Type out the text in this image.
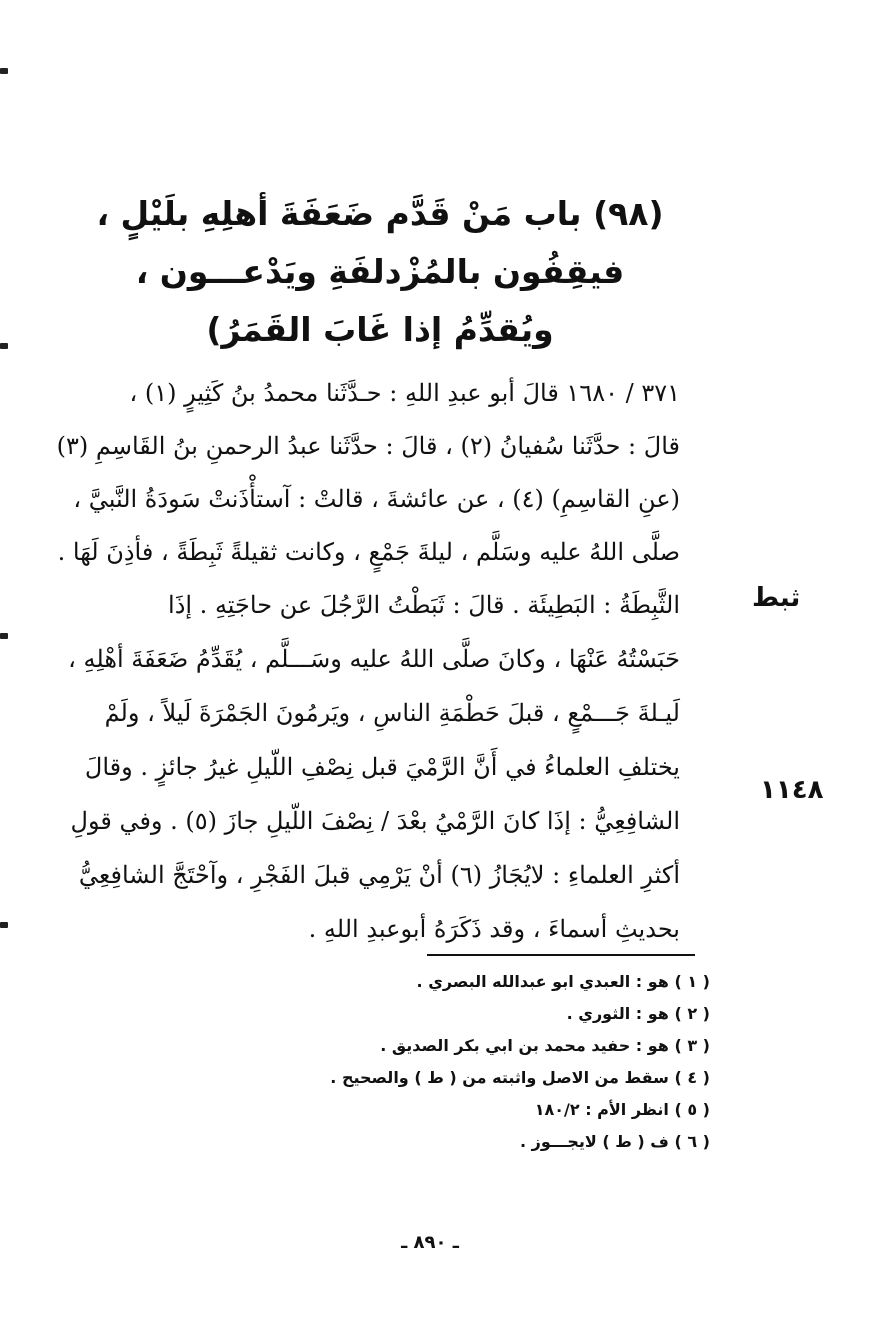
(٩٨) باب مَنْ قَدَّم ضَعَفَةَ أهلِهِ بلَيْلٍ ،
فيقِفُون بالمُزْدلفَةِ ويَدْعـــون ،
ويُقدِّمُ إذا غَابَ القَمَرُ)
٣٧١ / ١٦٨٠ قالَ أبو عبدِ اللهِ : حـدَّثَنا محمدُ بنُ كَثِيرٍ (١) ،
قالَ : حدَّثَنا سُفيانُ (٢) ، قالَ : حدَّثَنا عبدُ الرحمنِ بنُ القَاسِمِ (٣)
(عنِ القاسِمِ) (٤) ، عن عائشةَ ، قالتْ : آستأْذَنتْ سَودَةُ النَّبيَّ ،
صلَّى اللهُ عليه وسَلَّم ، ليلةَ جَمْعٍ ، وكانت ثقيلةً ثَبِطَةً ، فأذِنَ لَهَا .
ثبط
١١٤٨
الثَّبِطَةُ : البَطِيئَة . قالَ : ثَبَطْتُ الرَّجُلَ عن حاجَتِهِ . إذَا
حَبَسْتُهُ عَنْهَا ، وكانَ صلَّى اللهُ عليه وسَـــلَّم ، يُقَدِّمُ ضَعَفَةَ أهْلِهِ ،
لَيـلةَ جَـــمْعٍ ، قبلَ حَطْمَةِ الناسِ ، ويَرمُونَ الجَمْرَةَ لَيلاً ، ولَمْ
يختلفِ العلماءُ في أَنَّ الرَّمْيَ قبل نِصْفِ اللّيلِ غيرُ جائزٍ . وقالَ
الشافِعِيُّ : إذَا كانَ الرَّمْيُ بعْدَ / نِصْفَ اللّيلِ جازَ (٥) . وفي قولِ
أكثرِ العلماءِ : لايُجَازُ (٦) أنْ يَرْمِي قبلَ الفَجْرِ ، وآحْتَجَّ الشافِعِيُّ
بحديثِ أسماءَ ، وقد ذَكَرَهُ أبوعبدِ اللهِ .
( ١ ) هو : العبدي ابو عبدالله البصري .
( ٢ ) هو : الثوري .
( ٣ ) هو : حفيد محمد بن ابي بكر الصديق .
( ٤ ) سقط من الاصل واثبته من ( ط ) والصحيح .
( ٥ ) انظر الأم : ١٨٠/٢
( ٦ ) ف ( ط ) لايجـــوز .
ـ ٨٩٠ ـ
